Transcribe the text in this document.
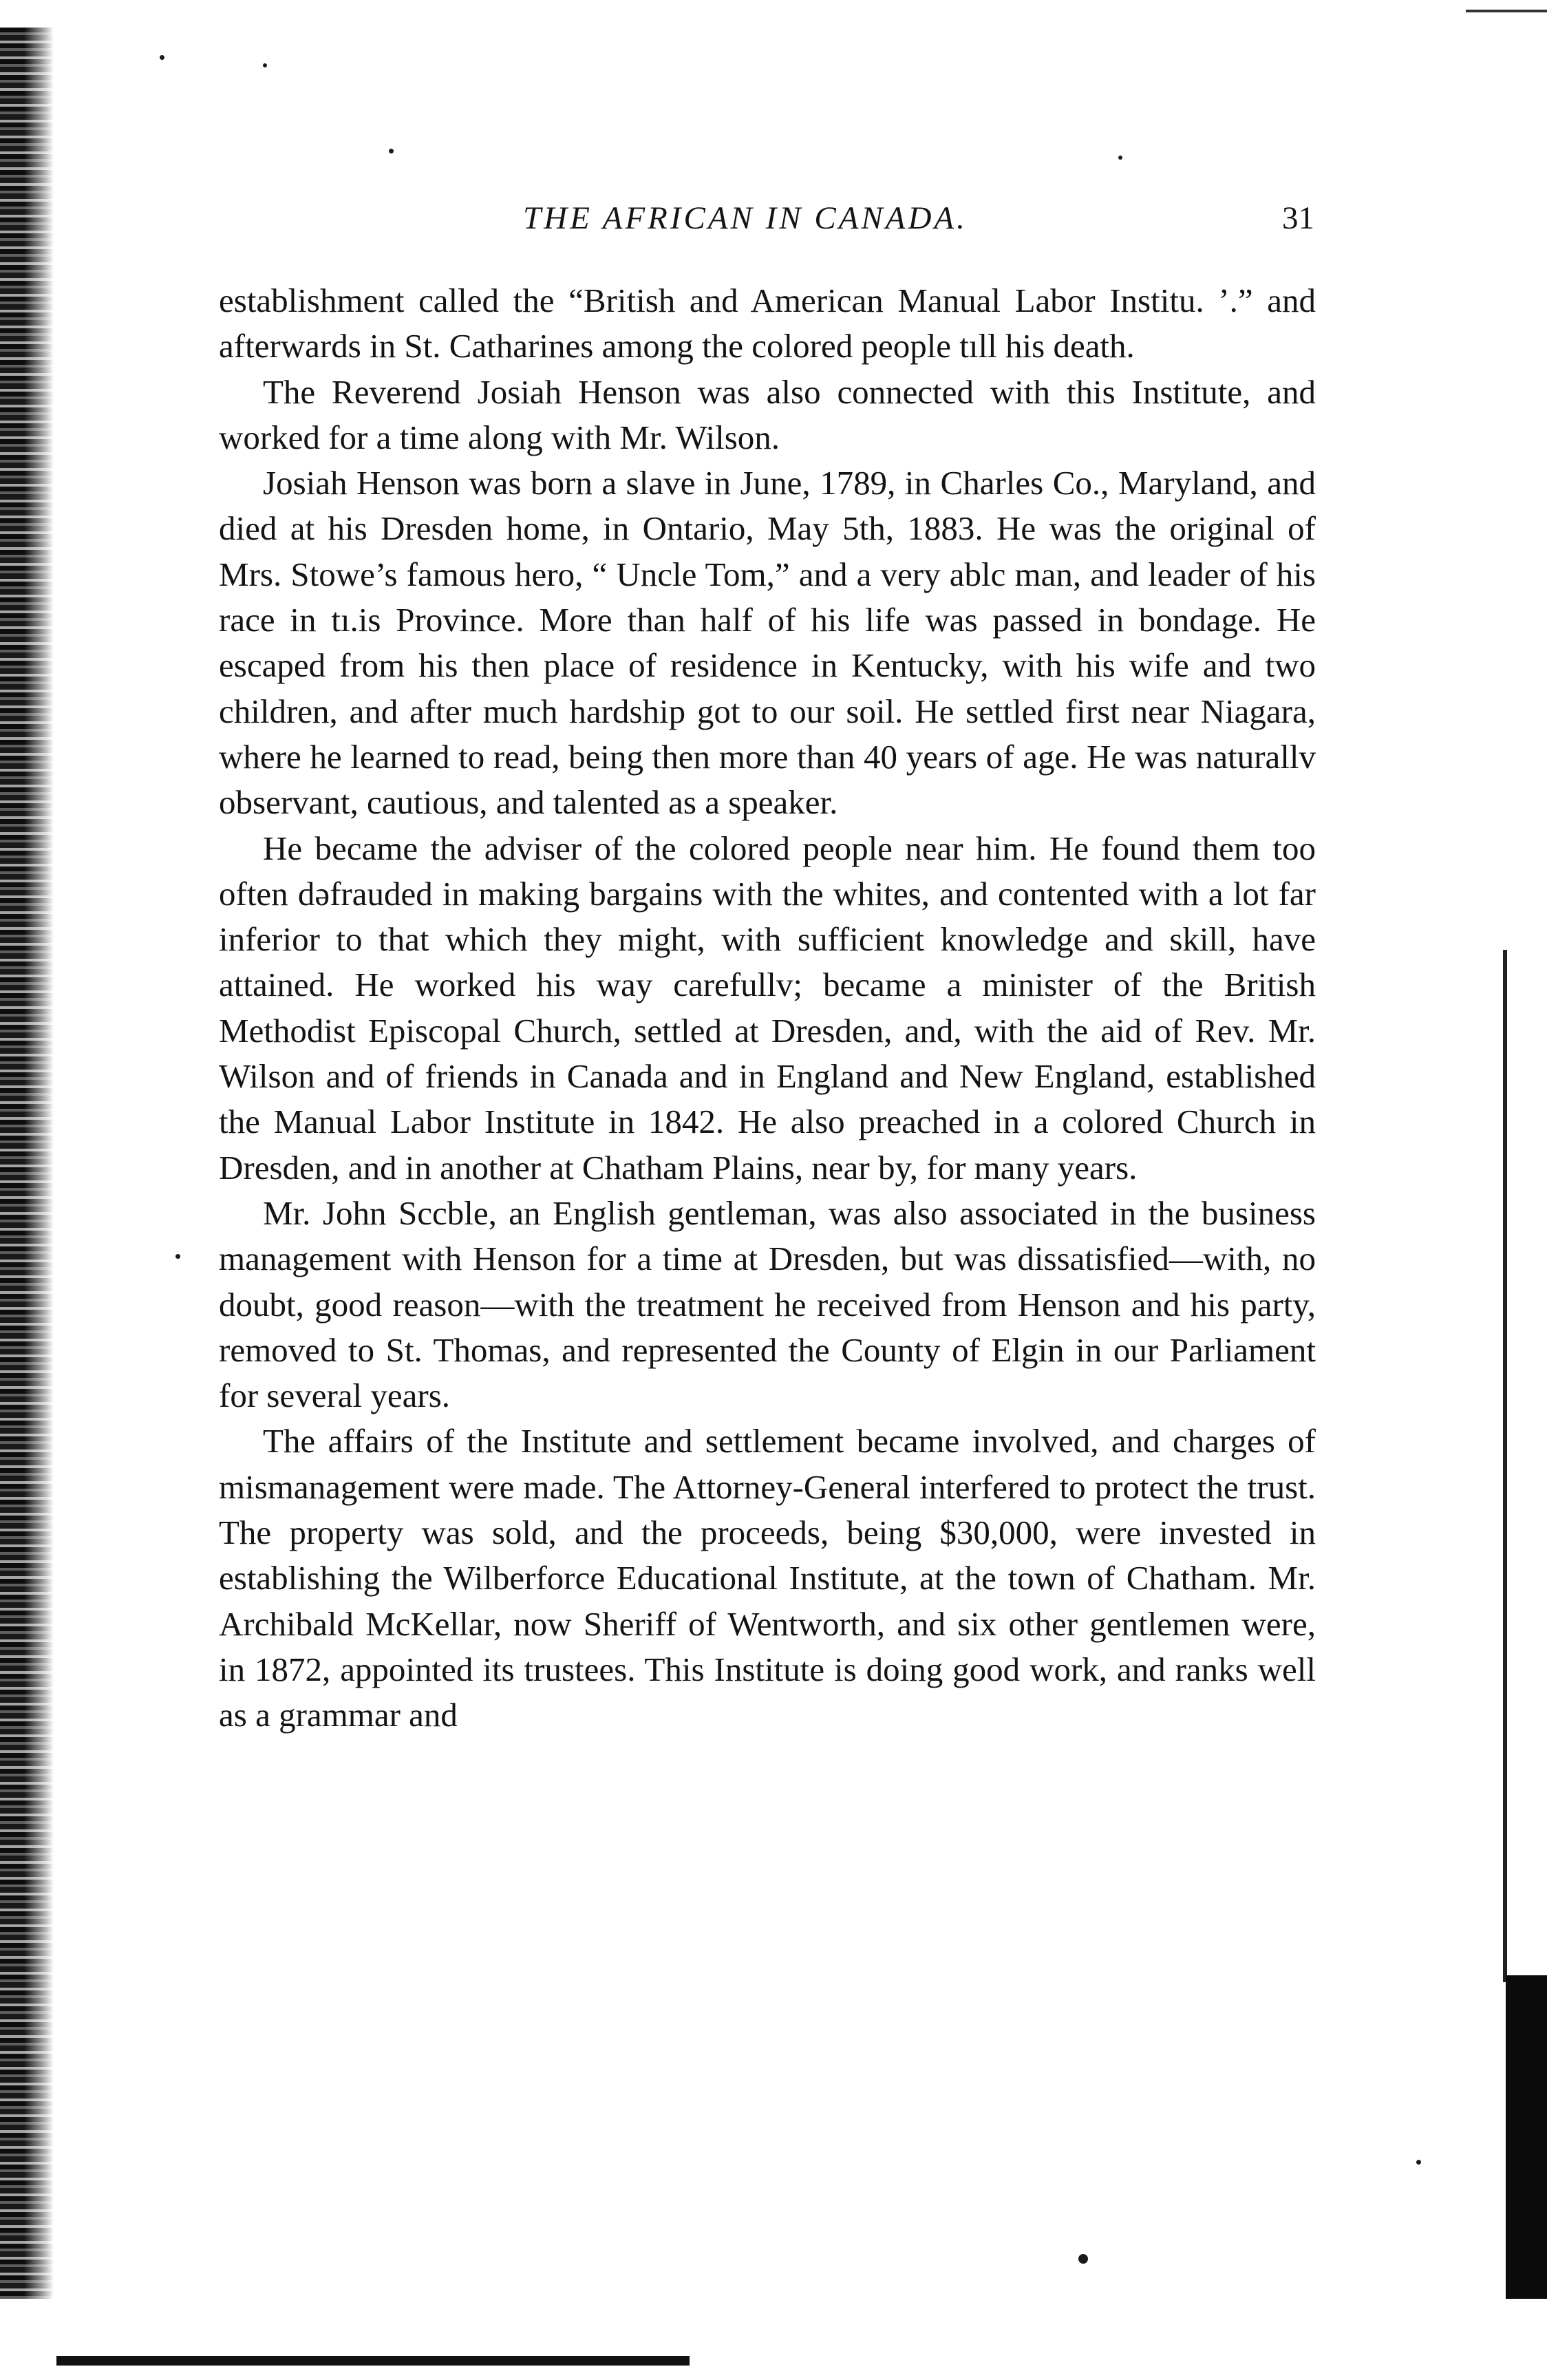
THE AFRICAN IN CANADA.	31

establishment called the “British and American Manual Labor Institu. ʼ.” and afterwards in St. Catharines among the colored people tıll his death.

The Reverend Josiah Henson was also connected with this Institute, and worked for a time along with Mr. Wilson.

Josiah Henson was born a slave in June, 1789, in Charles Co., Maryland, and died at his Dresden home, in Ontario, May 5th, 1883. He was the original of Mrs. Stowe’s famous hero, “ Uncle Tom,” and a very ablc man, and leader of his race in tı.is Province. More than half of his life was passed in bondage. He escaped from his then place of residence in Kentucky, with his wife and two children, and after much hardship got to our soil. He settled first near Niagara, where he learned to read, being then more than 40 years of age. He was naturallv observant, cautious, and talented as a speaker.

He became the adviser of the colored people near him. He found them too often dəfrauded in making bargains with the whites, and contented with a lot far inferior to that which they might, with sufficient knowledge and skill, have attained. He worked his way carefullv; became a minister of the British Methodist Episcopal Church, settled at Dresden, and, with the aid of Rev. Mr. Wilson and of friends in Canada and in England and New England, established the Manual Labor Institute in 1842. He also preached in a colored Church in Dresden, and in another at Chatham Plains, near by, for many years.

Mr. John Sccble, an English gentleman, was also associated in the business management with Henson for a time at Dresden, but was dissatisfied—with, no doubt, good reason—with the treatment he received from Henson and his party, removed to St. Thomas, and represented the County of Elgin in our Parliament for several years.

The affairs of the Institute and settlement became involved, and charges of mismanagement were made. The Attorney-General interfered to protect the trust. The property was sold, and the proceeds, being $30,000, were invested in establishing the Wilberforce Educational Institute, at the town of Chatham. Mr. Archibald McKellar, now Sheriff of Wentworth, and six other gentlemen were, in 1872, appointed its trustees. This Institute is doing good work, and ranks well as a grammar and
